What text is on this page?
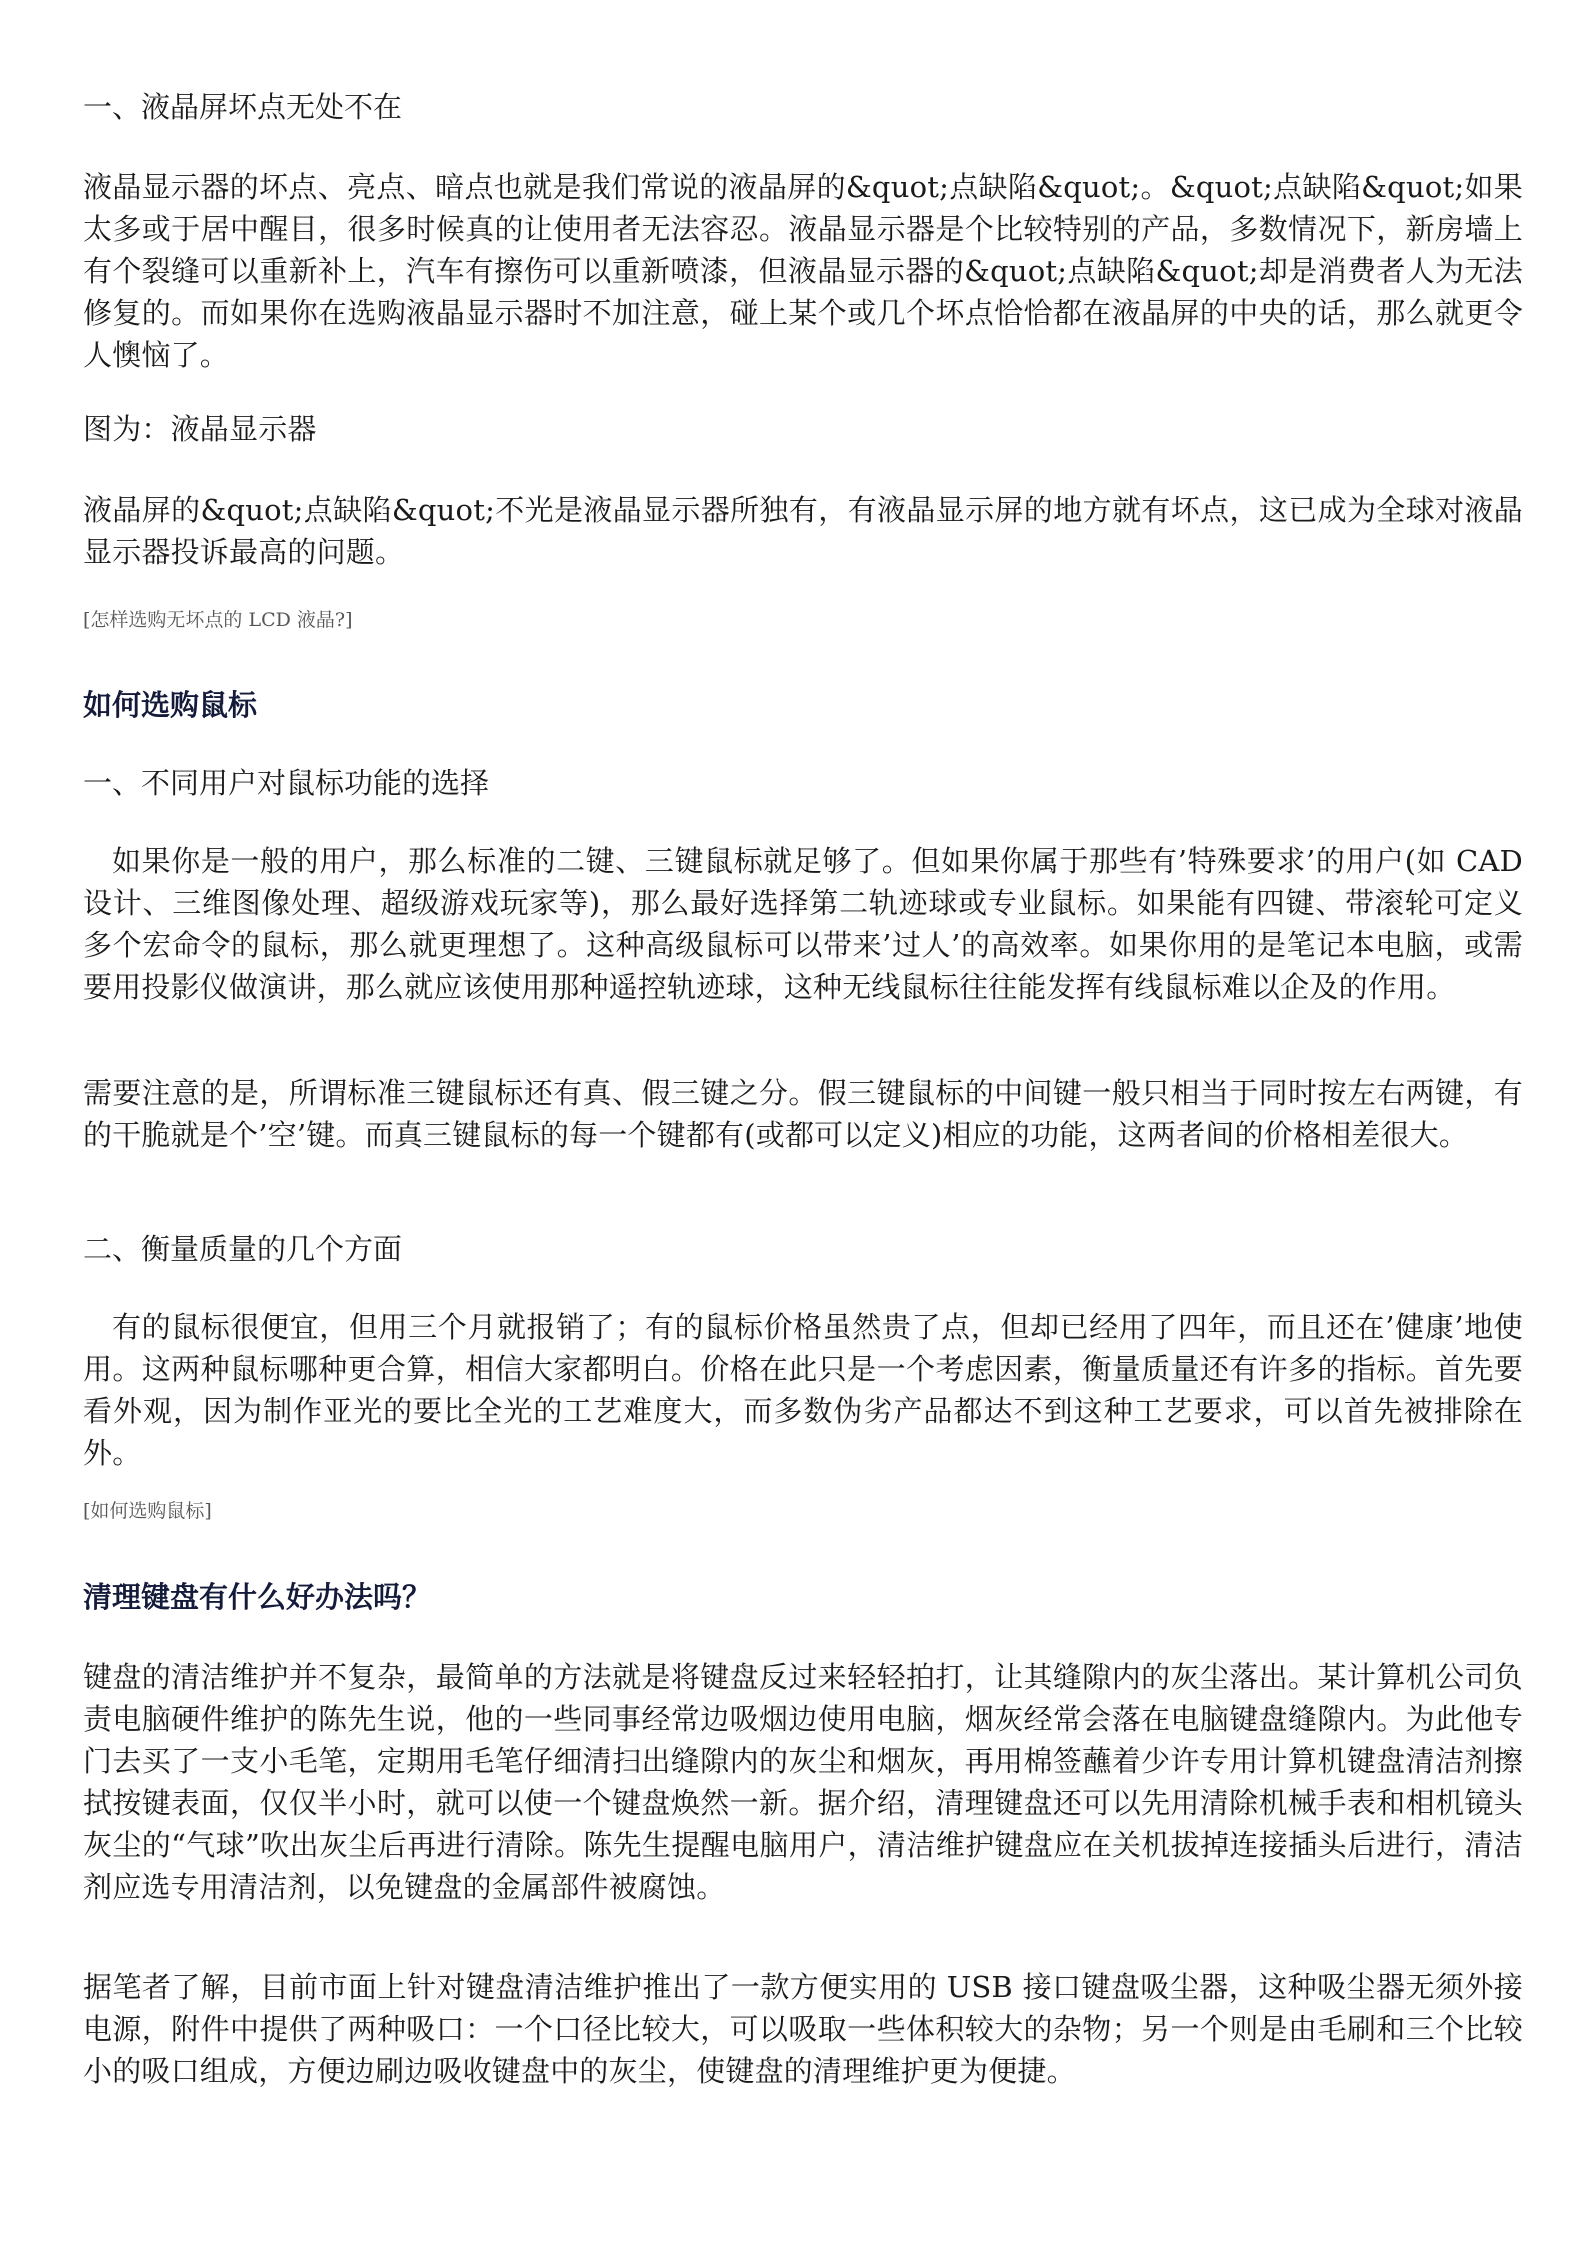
一、液晶屏坏点无处不在

液晶显示器的坏点、亮点、暗点也就是我们常说的液晶屏的&quot;点缺陷&quot;。&quot;点缺陷&quot;如果太多或于居中醒目，很多时候真的让使用者无法容忍。液晶显示器是个比较特别的产品，多数情况下，新房墙上有个裂缝可以重新补上，汽车有擦伤可以重新喷漆，但液晶显示器的&quot;点缺陷&quot;却是消费者人为无法修复的。而如果你在选购液晶显示器时不加注意，碰上某个或几个坏点恰恰都在液晶屏的中央的话，那么就更令人懊恼了。

图为：液晶显示器

液晶屏的&quot;点缺陷&quot;不光是液晶显示器所独有，有液晶显示屏的地方就有坏点，这已成为全球对液晶显示器投诉最高的问题。

[怎样选购无坏点的 LCD 液晶?]

如何选购鼠标

一、不同用户对鼠标功能的选择

如果你是一般的用户，那么标准的二键、三键鼠标就足够了。但如果你属于那些有’特殊要求’的用户(如 CAD 设计、三维图像处理、超级游戏玩家等)，那么最好选择第二轨迹球或专业鼠标。如果能有四键、带滚轮可定义多个宏命令的鼠标，那么就更理想了。这种高级鼠标可以带来’过人’的高效率。如果你用的是笔记本电脑，或需要用投影仪做演讲，那么就应该使用那种遥控轨迹球，这种无线鼠标往往能发挥有线鼠标难以企及的作用。

需要注意的是，所谓标准三键鼠标还有真、假三键之分。假三键鼠标的中间键一般只相当于同时按左右两键，有的干脆就是个’空’键。而真三键鼠标的每一个键都有(或都可以定义)相应的功能，这两者间的价格相差很大。

二、衡量质量的几个方面

有的鼠标很便宜，但用三个月就报销了；有的鼠标价格虽然贵了点，但却已经用了四年，而且还在’健康’地使用。这两种鼠标哪种更合算，相信大家都明白。价格在此只是一个考虑因素，衡量质量还有许多的指标。首先要看外观，因为制作亚光的要比全光的工艺难度大，而多数伪劣产品都达不到这种工艺要求，可以首先被排除在外。

[如何选购鼠标]

清理键盘有什么好办法吗？

键盘的清洁维护并不复杂，最简单的方法就是将键盘反过来轻轻拍打，让其缝隙内的灰尘落出。某计算机公司负责电脑硬件维护的陈先生说，他的一些同事经常边吸烟边使用电脑，烟灰经常会落在电脑键盘缝隙内。为此他专门去买了一支小毛笔，定期用毛笔仔细清扫出缝隙内的灰尘和烟灰，再用棉签蘸着少许专用计算机键盘清洁剂擦拭按键表面，仅仅半小时，就可以使一个键盘焕然一新。据介绍，清理键盘还可以先用清除机械手表和相机镜头灰尘的“气球”吹出灰尘后再进行清除。陈先生提醒电脑用户，清洁维护键盘应在关机拔掉连接插头后进行，清洁剂应选专用清洁剂，以免键盘的金属部件被腐蚀。

据笔者了解，目前市面上针对键盘清洁维护推出了一款方便实用的 USB 接口键盘吸尘器，这种吸尘器无须外接电源，附件中提供了两种吸口：一个口径比较大，可以吸取一些体积较大的杂物；另一个则是由毛刷和三个比较小的吸口组成，方便边刷边吸收键盘中的灰尘，使键盘的清理维护更为便捷。
